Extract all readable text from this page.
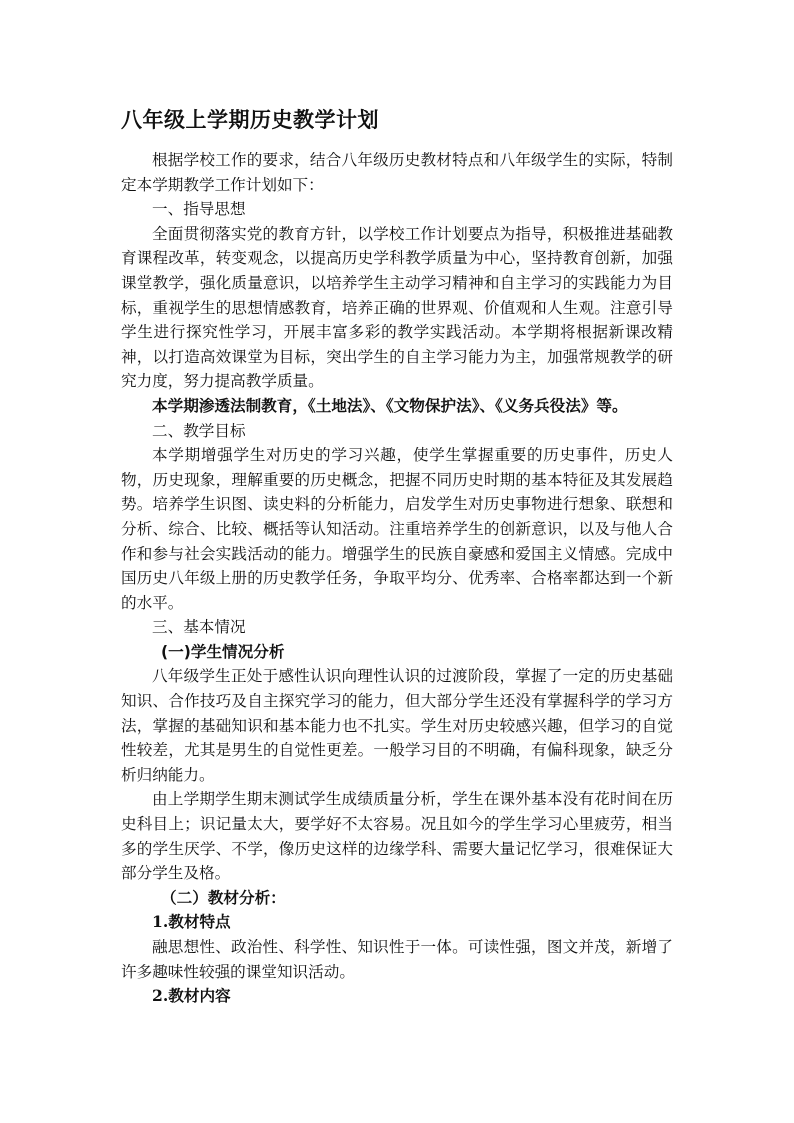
八年级上学期历史教学计划

根据学校工作的要求，结合八年级历史教材特点和八年级学生的实际，特制定本学期教学工作计划如下：

一、指导思想

全面贯彻落实党的教育方针，以学校工作计划要点为指导，积极推进基础教育课程改革，转变观念，以提高历史学科教学质量为中心，坚持教育创新，加强课堂教学，强化质量意识，以培养学生主动学习精神和自主学习的实践能力为目标，重视学生的思想情感教育，培养正确的世界观、价值观和人生观。注意引导学生进行探究性学习，开展丰富多彩的教学实践活动。本学期将根据新课改精神，以打造高效课堂为目标，突出学生的自主学习能力为主，加强常规教学的研究力度，努力提高教学质量。

本学期渗透法制教育，《土地法》、《文物保护法》、《义务兵役法》等。

二、教学目标

本学期增强学生对历史的学习兴趣，使学生掌握重要的历史事件，历史人物，历史现象，理解重要的历史概念，把握不同历史时期的基本特征及其发展趋势。培养学生识图、读史料的分析能力，启发学生对历史事物进行想象、联想和分析、综合、比较、概括等认知活动。注重培养学生的创新意识，以及与他人合作和参与社会实践活动的能力。增强学生的民族自豪感和爱国主义情感。完成中国历史八年级上册的历史教学任务，争取平均分、优秀率、合格率都达到一个新的水平。

三、基本情况

(一)学生情况分析

八年级学生正处于感性认识向理性认识的过渡阶段，掌握了一定的历史基础知识、合作技巧及自主探究学习的能力，但大部分学生还没有掌握科学的学习方法，掌握的基础知识和基本能力也不扎实。学生对历史较感兴趣，但学习的自觉性较差，尤其是男生的自觉性更差。一般学习目的不明确，有偏科现象，缺乏分析归纳能力。

由上学期学生期末测试学生成绩质量分析，学生在课外基本没有花时间在历史科目上；识记量太大，要学好不太容易。况且如今的学生学习心里疲劳，相当多的学生厌学、不学，像历史这样的边缘学科、需要大量记忆学习，很难保证大部分学生及格。

（二）教材分析：

1.教材特点

融思想性、政治性、科学性、知识性于一体。可读性强，图文并茂，新增了许多趣味性较强的课堂知识活动。

2.教材内容
